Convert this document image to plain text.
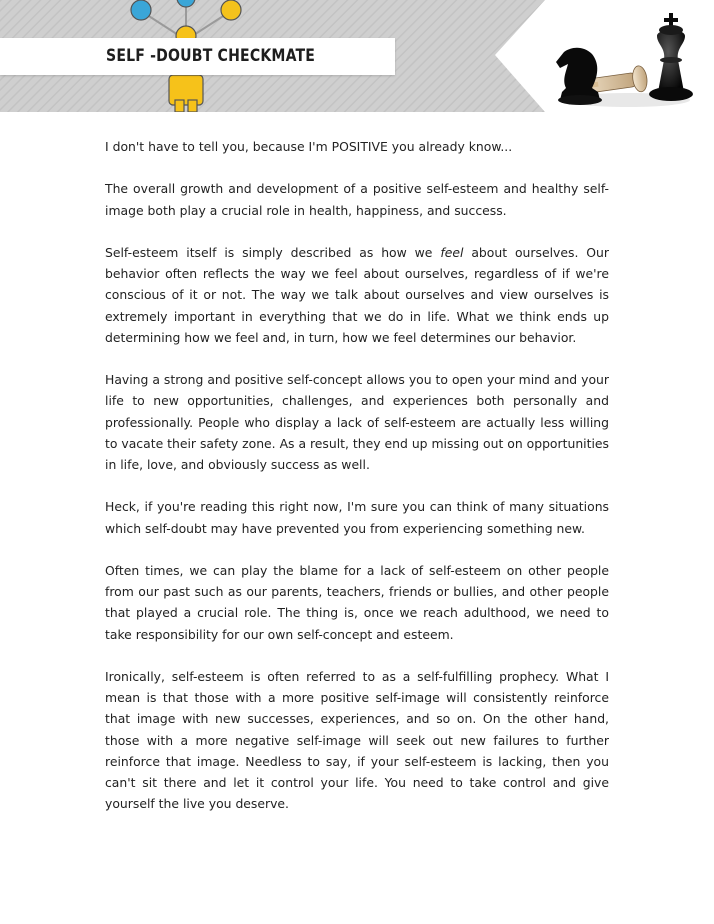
SELF -DOUBT CHECKMATE

I don't have to tell you, because I'm POSITIVE you already know...

The overall growth and development of a positive self-esteem and healthy self-image both play a crucial role in health, happiness, and success.

Self-esteem itself is simply described as how we feel about ourselves. Our behavior often reflects the way we feel about ourselves, regardless of if we're conscious of it or not. The way we talk about ourselves and view ourselves is extremely important in everything that we do in life. What we think ends up determining how we feel and, in turn, how we feel determines our behavior.

Having a strong and positive self-concept allows you to open your mind and your life to new opportunities, challenges, and experiences both personally and professionally. People who display a lack of self-esteem are actually less willing to vacate their safety zone. As a result, they end up missing out on opportunities in life, love, and obviously success as well.

Heck, if you're reading this right now, I'm sure you can think of many situations which self-doubt may have prevented you from experiencing something new.

Often times, we can play the blame for a lack of self-esteem on other people from our past such as our parents, teachers, friends or bullies, and other people that played a crucial role. The thing is, once we reach adulthood, we need to take responsibility for our own self-concept and esteem.

Ironically, self-esteem is often referred to as a self-fulfilling prophecy. What I mean is that those with a more positive self-image will consistently reinforce that image with new successes, experiences, and so on. On the other hand, those with a more negative self-image will seek out new failures to further reinforce that image. Needless to say, if your self-esteem is lacking, then you can't sit there and let it control your life. You need to take control and give yourself the live you deserve.
